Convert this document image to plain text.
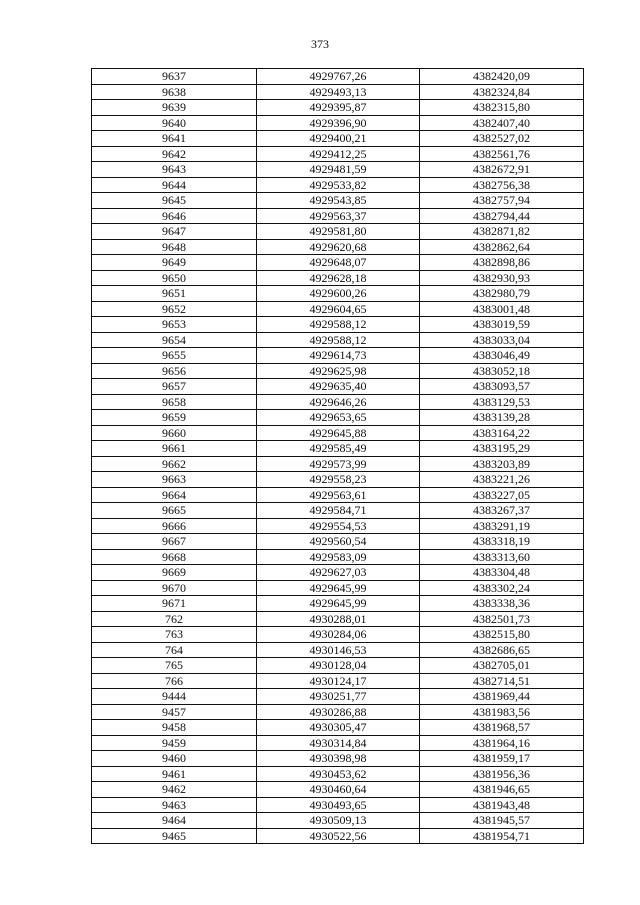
373
9637	4929767,26	4382420,09
9638	4929493,13	4382324,84
9639	4929395,87	4382315,80
9640	4929396,90	4382407,40
9641	4929400,21	4382527,02
9642	4929412,25	4382561,76
9643	4929481,59	4382672,91
9644	4929533,82	4382756,38
9645	4929543,85	4382757,94
9646	4929563,37	4382794,44
9647	4929581,80	4382871,82
9648	4929620,68	4382862,64
9649	4929648,07	4382898,86
9650	4929628,18	4382930,93
9651	4929600,26	4382980,79
9652	4929604,65	4383001,48
9653	4929588,12	4383019,59
9654	4929588,12	4383033,04
9655	4929614,73	4383046,49
9656	4929625,98	4383052,18
9657	4929635,40	4383093,57
9658	4929646,26	4383129,53
9659	4929653,65	4383139,28
9660	4929645,88	4383164,22
9661	4929585,49	4383195,29
9662	4929573,99	4383203,89
9663	4929558,23	4383221,26
9664	4929563,61	4383227,05
9665	4929584,71	4383267,37
9666	4929554,53	4383291,19
9667	4929560,54	4383318,19
9668	4929583,09	4383313,60
9669	4929627,03	4383304,48
9670	4929645,99	4383302,24
9671	4929645,99	4383338,36
762	4930288,01	4382501,73
763	4930284,06	4382515,80
764	4930146,53	4382686,65
765	4930128,04	4382705,01
766	4930124,17	4382714,51
9444	4930251,77	4381969,44
9457	4930286,88	4381983,56
9458	4930305,47	4381968,57
9459	4930314,84	4381964,16
9460	4930398,98	4381959,17
9461	4930453,62	4381956,36
9462	4930460,64	4381946,65
9463	4930493,65	4381943,48
9464	4930509,13	4381945,57
9465	4930522,56	4381954,71
